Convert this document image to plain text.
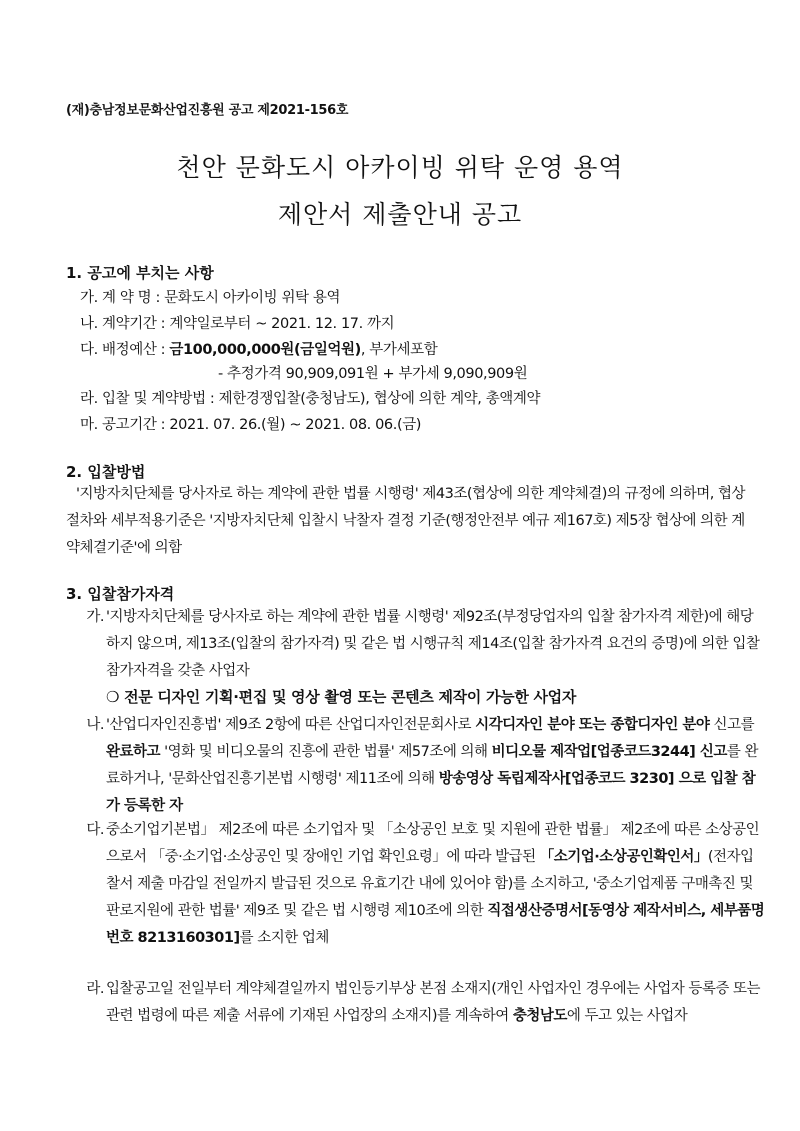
(재)충남정보문화산업진흥원 공고 제2021-156호
천안 문화도시 아카이빙 위탁 운영 용역
제안서 제출안내 공고
1. 공고에 부치는 사항
가. 계 약 명 : 문화도시 아카이빙 위탁 용역
나. 계약기간 : 계약일로부터 ~ 2021. 12. 17. 까지
다. 배정예산 : 금100,000,000원(금일억원), 부가세포함
- 추정가격 90,909,091원 + 부가세 9,090,909원
라. 입찰 및 계약방법 : 제한경쟁입찰(충청남도), 협상에 의한 계약, 총액계약
마. 공고기간 : 2021. 07. 26.(월) ~ 2021. 08. 06.(금)
2. 입찰방법
'지방자치단체를 당사자로 하는 계약에 관한 법률 시행령' 제43조(협상에 의한 계약체결)의 규정에 의하며, 협상절차와 세부적용기준은 '지방자치단체 입찰시 낙찰자 결정 기준(행정안전부 예규 제167호) 제5장 협상에 의한 계약체결기준'에 의함
3. 입찰참가자격
가. '지방자치단체를 당사자로 하는 계약에 관한 법률 시행령' 제92조(부정당업자의 입찰 참가자격 제한)에 해당하지 않으며, 제13조(입찰의 참가자격) 및 같은 법 시행규칙 제14조(입찰 참가자격 요건의 증명)에 의한 입찰 참가자격을 갖춘 사업자
❍ 전문 디자인 기획·편집 및 영상 촬영 또는 콘텐츠 제작이 가능한 사업자
나. '산업디자인진흥법' 제9조 2항에 따른 산업디자인전문회사로 시각디자인 분야 또는 종합디자인 분야 신고를 완료하고 '영화 및 비디오물의 진흥에 관한 법률' 제57조에 의해 비디오물 제작업[업종코드3244] 신고를 완료하거나, '문화산업진흥기본법 시행령' 제11조에 의해 방송영상 독립제작사[업종코드 3230] 으로 입찰 참가 등록한 자
다. 중소기업기본법」 제2조에 따른 소기업자 및 「소상공인 보호 및 지원에 관한 법률」 제2조에 따른 소상공인으로서 「중·소기업·소상공인 및 장애인 기업 확인요령」에 따라 발급된 「소기업·소상공인확인서」(전자입찰서 제출 마감일 전일까지 발급된 것으로 유효기간 내에 있어야 함)를 소지하고, '중소기업제품 구매촉진 및 판로지원에 관한 법률' 제9조 및 같은 법 시행령 제10조에 의한 직접생산증명서[동영상 제작서비스, 세부품명번호 8213160301]를 소지한 업체
라. 입찰공고일 전일부터 계약체결일까지 법인등기부상 본점 소재지(개인 사업자인 경우에는 사업자 등록증 또는 관련 법령에 따른 제출 서류에 기재된 사업장의 소재지)를 계속하여 충청남도에 두고 있는 사업자
